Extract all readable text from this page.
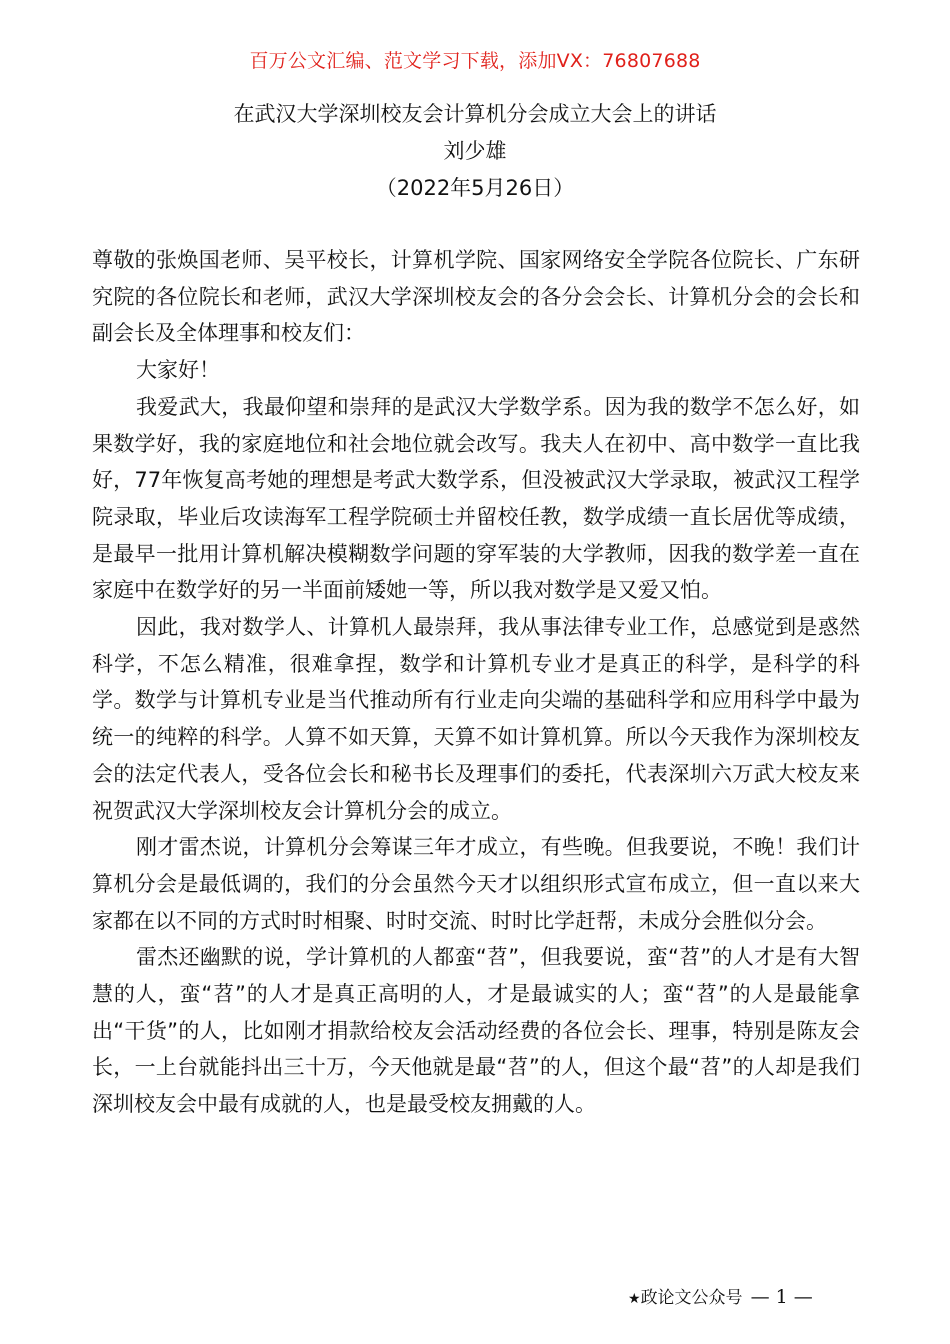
百万公文汇编、范文学习下载，添加VX：76807688
在武汉大学深圳校友会计算机分会成立大会上的讲话
刘少雄
（2022年5月26日）

尊敬的张焕国老师、吴平校长，计算机学院、国家网络安全学院各位院长、广东研究院的各位院长和老师，武汉大学深圳校友会的各分会会长、计算机分会的会长和副会长及全体理事和校友们：

大家好！

我爱武大，我最仰望和崇拜的是武汉大学数学系。因为我的数学不怎么好，如果数学好，我的家庭地位和社会地位就会改写。我夫人在初中、高中数学一直比我好，77年恢复高考她的理想是考武大数学系，但没被武汉大学录取，被武汉工程学院录取，毕业后攻读海军工程学院硕士并留校任教，数学成绩一直长居优等成绩，是最早一批用计算机解决模糊数学问题的穿军装的大学教师，因我的数学差一直在家庭中在数学好的另一半面前矮她一等，所以我对数学是又爱又怕。

因此，我对数学人、计算机人最崇拜，我从事法律专业工作，总感觉到是惑然科学，不怎么精准，很难拿捏，数学和计算机专业才是真正的科学，是科学的科学。数学与计算机专业是当代推动所有行业走向尖端的基础科学和应用科学中最为统一的纯粹的科学。人算不如天算，天算不如计算机算。所以今天我作为深圳校友会的法定代表人，受各位会长和秘书长及理事们的委托，代表深圳六万武大校友来祝贺武汉大学深圳校友会计算机分会的成立。

刚才雷杰说，计算机分会筹谋三年才成立，有些晚。但我要说，不晚！我们计算机分会是最低调的，我们的分会虽然今天才以组织形式宣布成立，但一直以来大家都在以不同的方式时时相聚、时时交流、时时比学赶帮，未成分会胜似分会。

雷杰还幽默的说，学计算机的人都蛮“苕”，但我要说，蛮“苕”的人才是有大智慧的人，蛮“苕”的人才是真正高明的人，才是最诚实的人；蛮“苕”的人是最能拿出“干货”的人，比如刚才捐款给校友会活动经费的各位会长、理事，特别是陈友会长，一上台就能抖出三十万，今天他就是最“苕”的人，但这个最“苕”的人却是我们深圳校友会中最有成就的人，也是最受校友拥戴的人。

★政论文公众号 — 1 —
